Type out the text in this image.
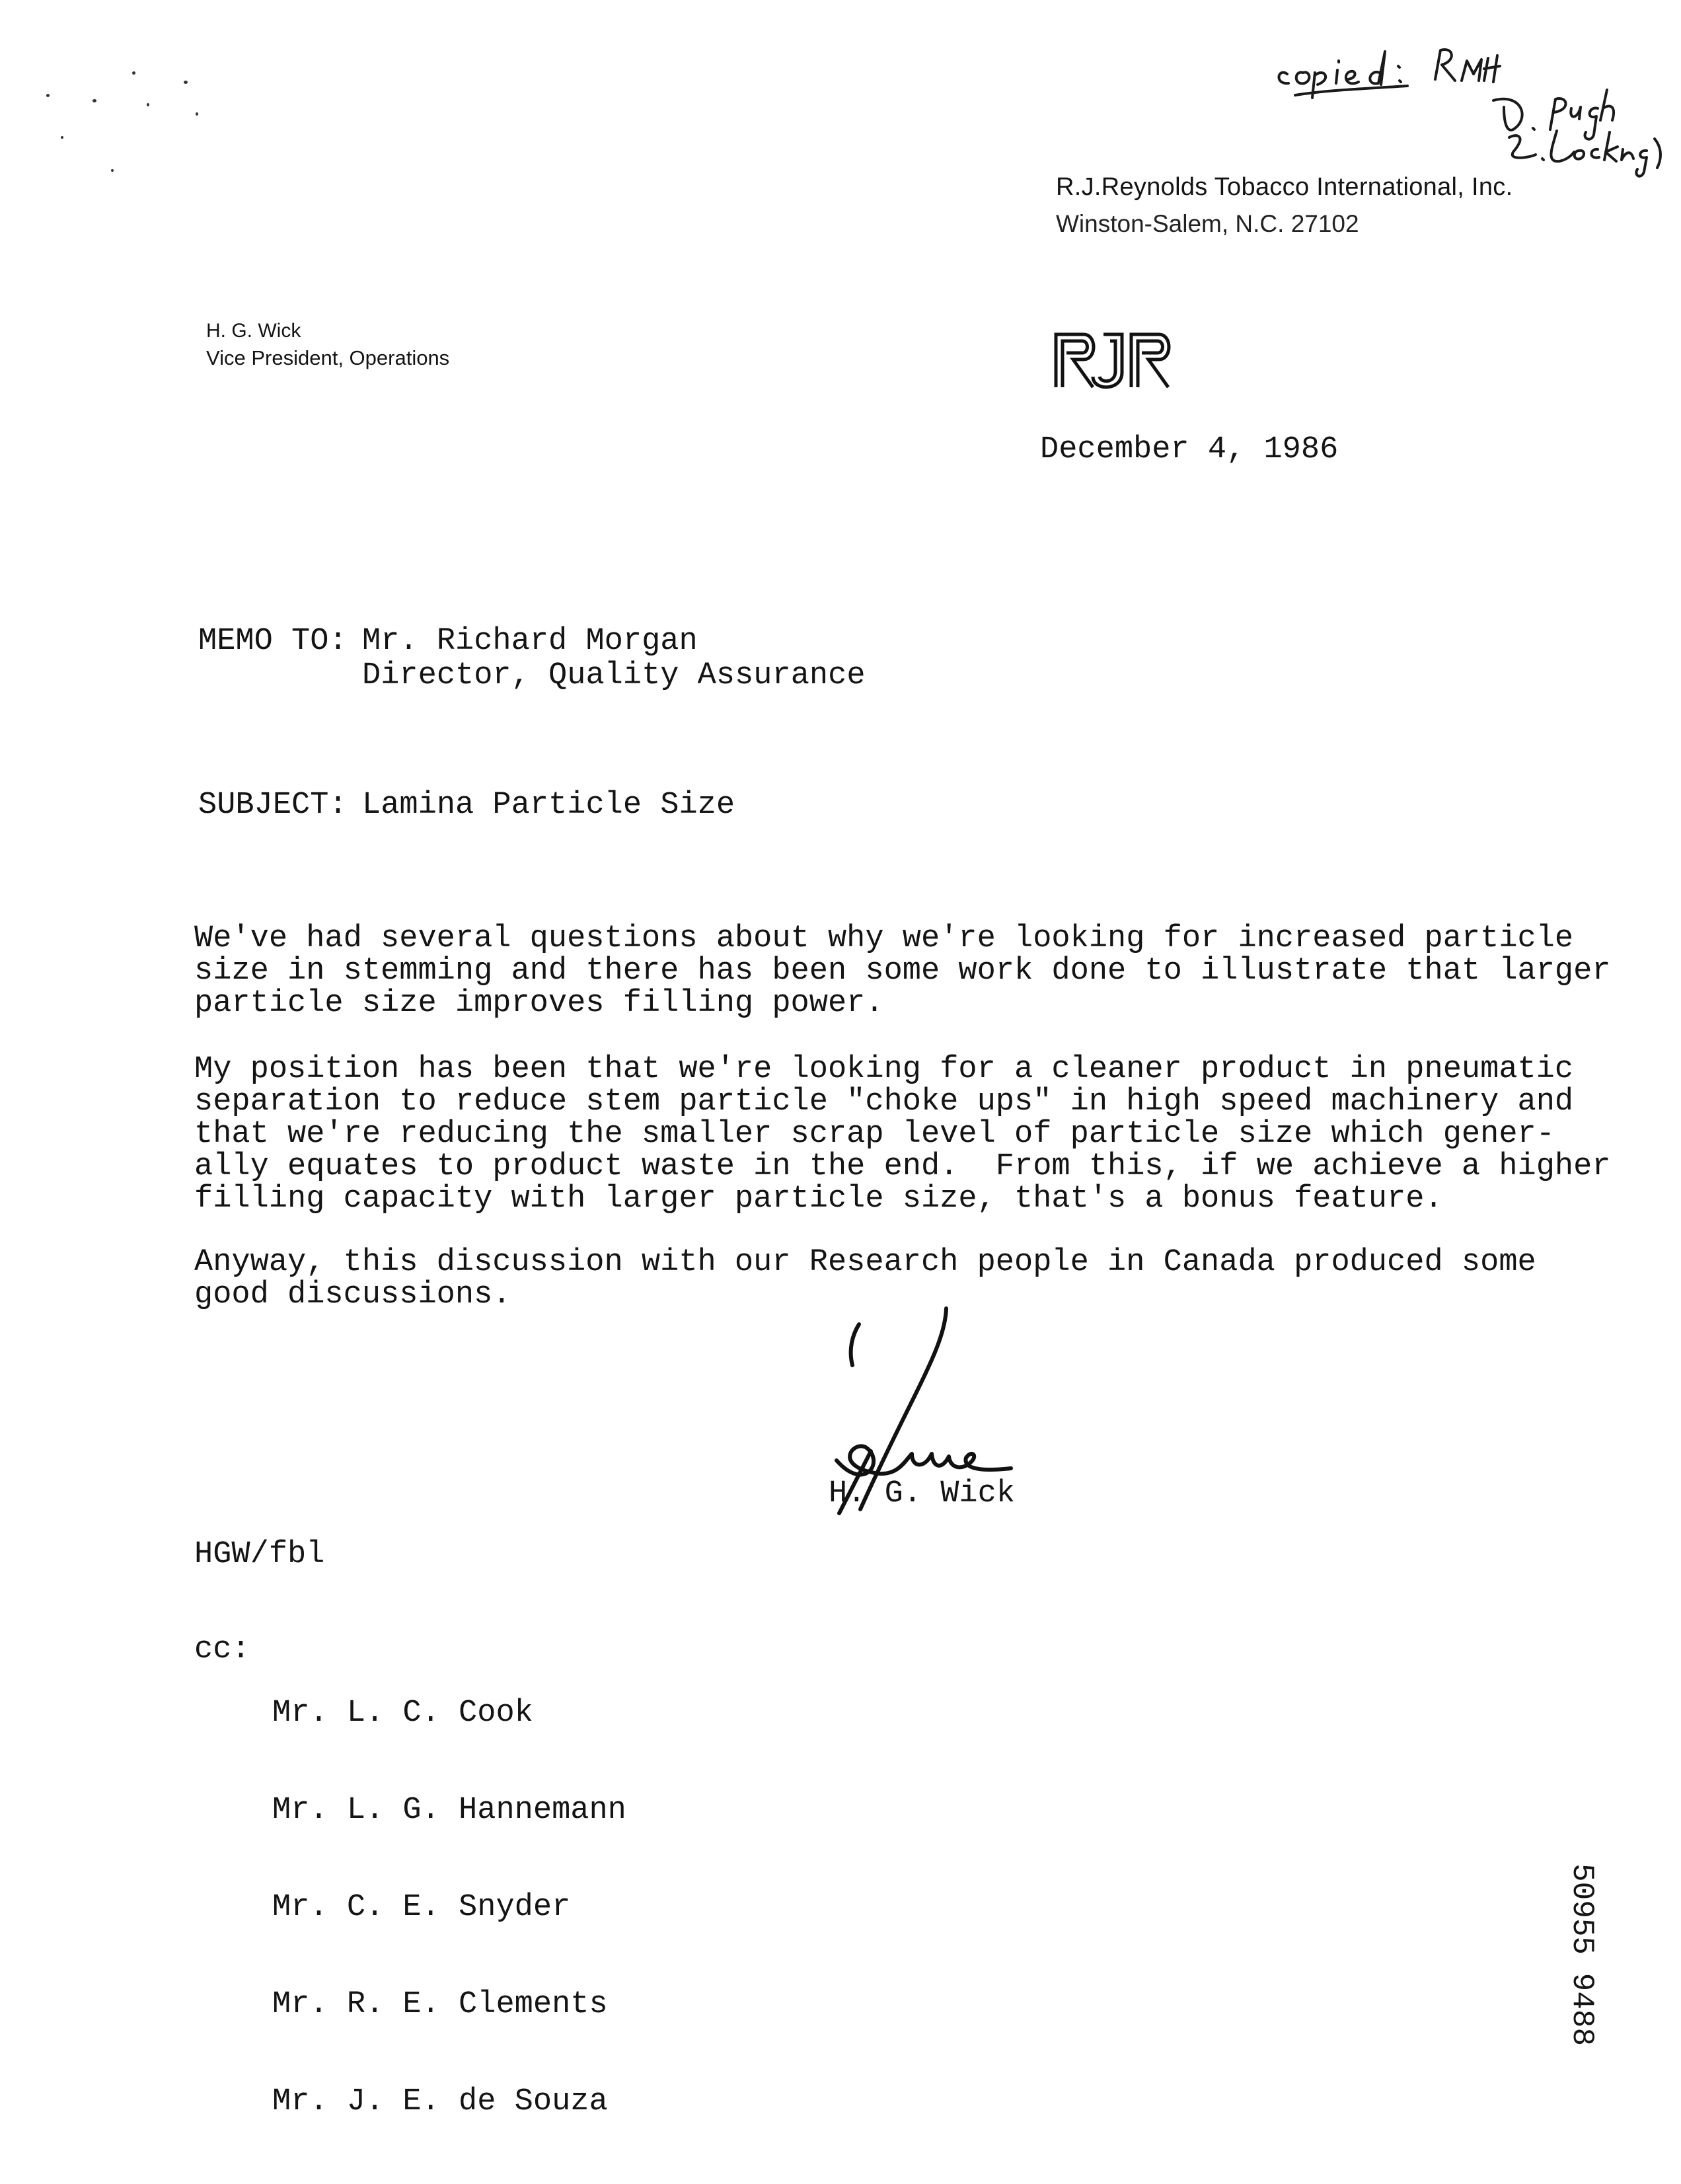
R.J.Reynolds Tobacco International, Inc.
Winston-Salem, N.C. 27102
H. G. Wick
Vice President, Operations
December 4, 1986
MEMO TO: Mr. Richard Morgan
Director, Quality Assurance
SUBJECT: Lamina Particle Size
We've had several questions about why we're looking for increased particle
size in stemming and there has been some work done to illustrate that larger
particle size improves filling power.
My position has been that we're looking for a cleaner product in pneumatic
separation to reduce stem particle "choke ups" in high speed machinery and
that we're reducing the smaller scrap level of particle size which gener-
ally equates to product waste in the end.  From this, if we achieve a higher
filling capacity with larger particle size, that's a bonus feature.
Anyway, this discussion with our Research people in Canada produced some
good discussions.
H. G. Wick
HGW/fbl
cc:

Mr. L. C. Cook

Mr. L. G. Hannemann

Mr. C. E. Snyder

Mr. R. E. Clements

Mr. J. E. de Souza

50955 9488
